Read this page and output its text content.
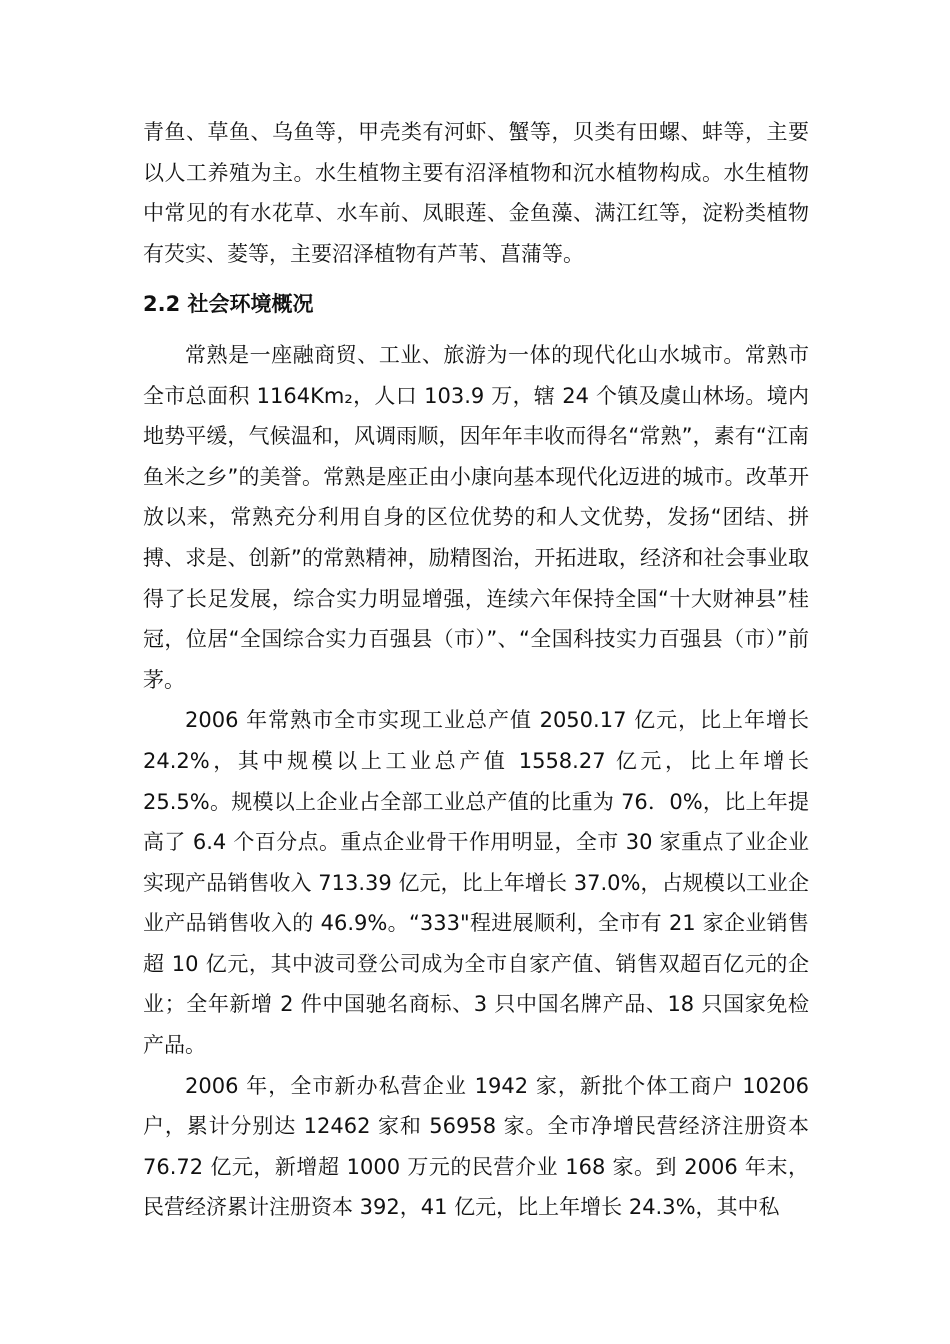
青鱼、草鱼、乌鱼等，甲壳类有河虾、蟹等，贝类有田螺、蚌等，主要以人工养殖为主。水生植物主要有沼泽植物和沉水植物构成。水生植物中常见的有水花草、水车前、凤眼莲、金鱼藻、满江红等，淀粉类植物有芡实、菱等，主要沼泽植物有芦苇、菖蒲等。

2.2 社会环境概况

常熟是一座融商贸、工业、旅游为一体的现代化山水城市。常熟市全市总面积 1164Km₂，人口 103.9 万，辖 24 个镇及虞山林场。境内地势平缓，气候温和，风调雨顺，因年年丰收而得名“常熟”，素有“江南鱼米之乡”的美誉。常熟是座正由小康向基本现代化迈进的城市。改革开放以来，常熟充分利用自身的区位优势的和人文优势，发扬“团结、拼搏、求是、创新”的常熟精神，励精图治，开拓进取，经济和社会事业取得了长足发展，综合实力明显增强，连续六年保持全国“十大财神县”桂冠，位居“全国综合实力百强县（市）”、“全国科技实力百强县（市）”前茅。

2006 年常熟市全市实现工业总产值 2050.17 亿元，比上年增长 24.2%，其中规模以上工业总产值 1558.27 亿元，比上年增长 25.5%。规模以上企业占全部工业总产值的比重为 76．0%，比上年提高了 6.4 个百分点。重点企业骨干作用明显，全市 30 家重点了业企业实现产品销售收入 713.39 亿元，比上年增长 37.0%，占规模以工业企业产品销售收入的 46.9%。“333"程进展顺利，全市有 21 家企业销售超 10 亿元，其中波司登公司成为全市自家产值、销售双超百亿元的企业；全年新增 2 件中国驰名商标、3 只中国名牌产品、18 只国家免检产品。

2006 年，全市新办私营企业 1942 家，新批个体工商户 10206 户，累计分别达 12462 家和 56958 家。全市净增民营经济注册资本 76.72 亿元，新增超 1000 万元的民营介业 168 家。到 2006 年末，民营经济累计注册资本 392，41 亿元，比上年增长 24.3%，其中私
